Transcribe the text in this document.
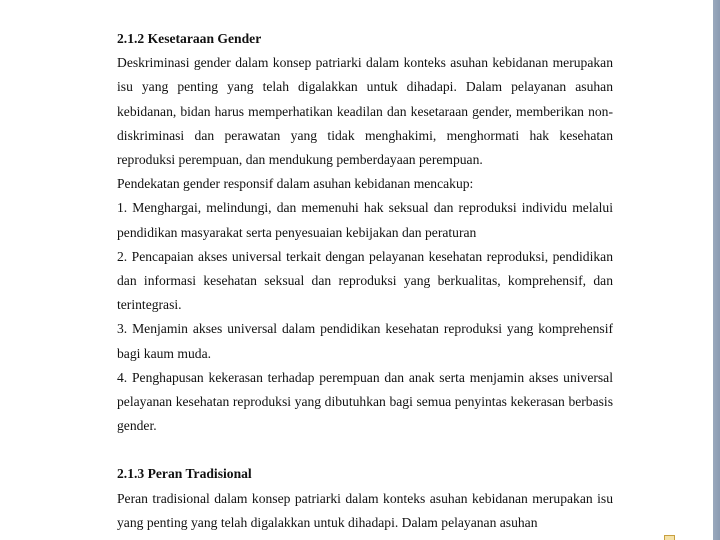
2.1.2 Kesetaraan Gender

Deskriminasi gender dalam konsep patriarki dalam konteks asuhan kebidanan merupakan isu yang penting yang telah digalakkan untuk dihadapi. Dalam pelayanan asuhan kebidanan, bidan harus memperhatikan keadilan dan kesetaraan gender, memberikan non-diskriminasi dan perawatan yang tidak menghakimi, menghormati hak kesehatan reproduksi perempuan, dan mendukung pemberdayaan perempuan.

Pendekatan gender responsif dalam asuhan kebidanan mencakup:

1. Menghargai, melindungi, dan memenuhi hak seksual dan reproduksi individu melalui pendidikan masyarakat serta penyesuaian kebijakan dan peraturan

2. Pencapaian akses universal terkait dengan pelayanan kesehatan reproduksi, pendidikan dan informasi kesehatan seksual dan reproduksi yang berkualitas, komprehensif, dan terintegrasi.

3. Menjamin akses universal dalam pendidikan kesehatan reproduksi yang komprehensif bagi kaum muda.

4. Penghapusan kekerasan terhadap perempuan dan anak serta menjamin akses universal pelayanan kesehatan reproduksi yang dibutuhkan bagi semua penyintas kekerasan berbasis gender.

2.1.3 Peran Tradisional

Peran tradisional dalam konsep patriarki dalam konteks asuhan kebidanan merupakan isu yang penting yang telah digalakkan untuk dihadapi. Dalam pelayanan asuhan
